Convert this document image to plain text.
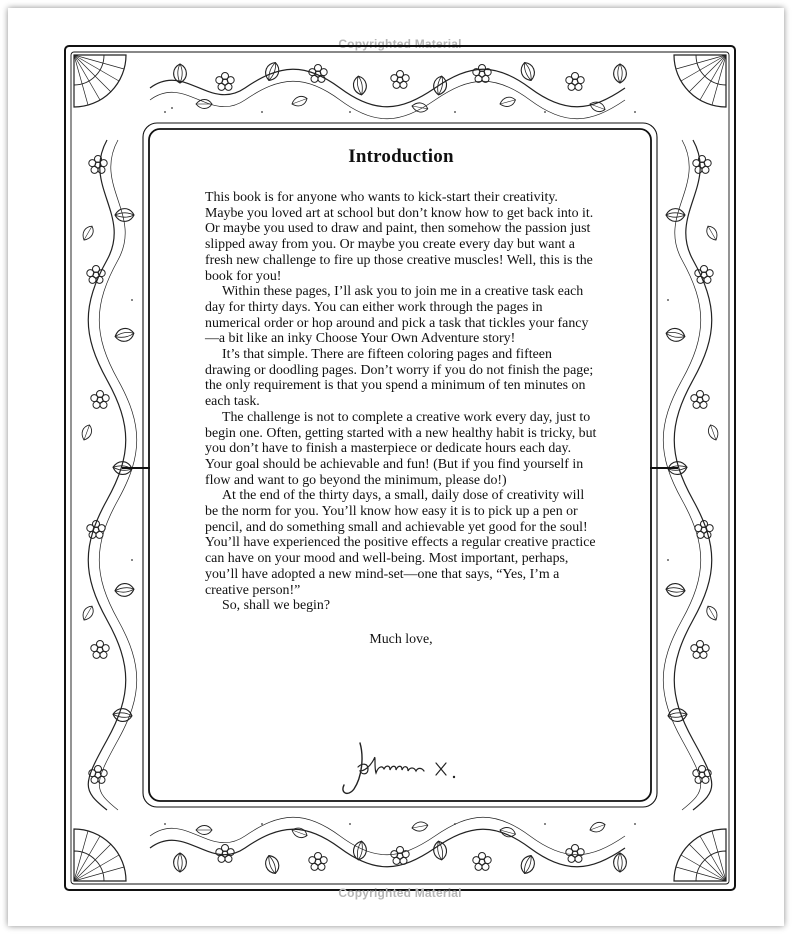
Copyrighted Material
Copyrighted Material
Introduction

This book is for anyone who wants to kick-start their creativity. Maybe you loved art at school but don’t know how to get back into it. Or maybe you used to draw and paint, then somehow the passion just slipped away from you. Or maybe you create every day but want a fresh new challenge to fire up those creative muscles! Well, this is the book for you!

Within these pages, I’ll ask you to join me in a creative task each day for thirty days. You can either work through the pages in numerical order or hop around and pick a task that tickles your fancy—a bit like an inky Choose Your Own Adventure story!

It’s that simple. There are fifteen coloring pages and fifteen drawing or doodling pages. Don’t worry if you do not finish the page; the only requirement is that you spend a minimum of ten minutes on each task.

The challenge is not to complete a creative work every day, just to begin one. Often, getting started with a new healthy habit is tricky, but you don’t have to finish a masterpiece or dedicate hours each day. Your goal should be achievable and fun! (But if you find yourself in flow and want to go beyond the minimum, please do!)

At the end of the thirty days, a small, daily dose of creativity will be the norm for you. You’ll know how easy it is to pick up a pen or pencil, and do something small and achievable yet good for the soul! You’ll have experienced the positive effects a regular creative practice can have on your mood and well-being. Most important, perhaps, you’ll have adopted a new mind-set—one that says, “Yes, I’m a creative person!”

So, shall we begin?

Much love,
